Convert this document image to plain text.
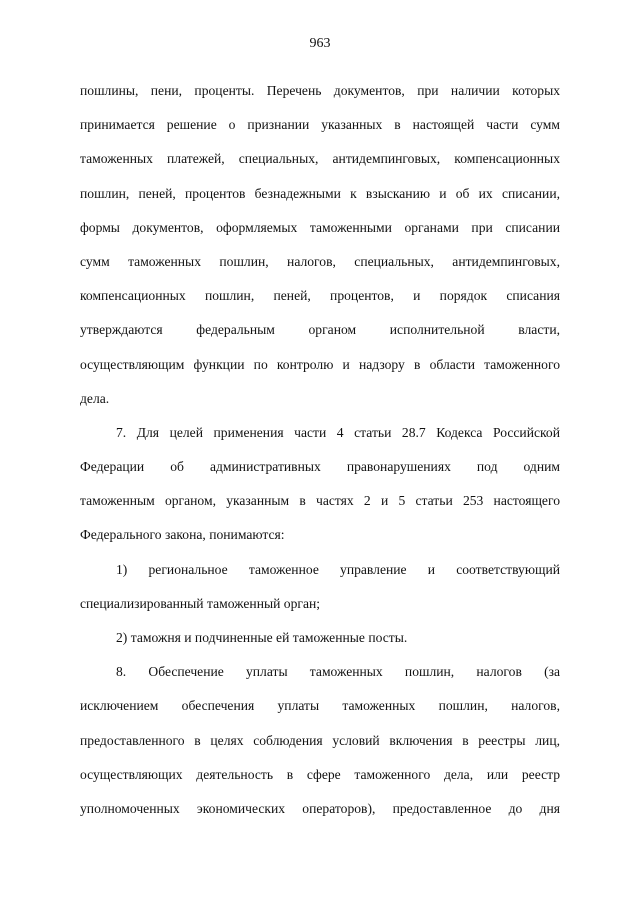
963
пошлины, пени, проценты. Перечень документов, при наличии которых
принимается решение о признании указанных в настоящей части сумм
таможенных платежей, специальных, антидемпинговых, компенсационных
пошлин, пеней, процентов безнадежными к взысканию и об их списании,
формы документов, оформляемых таможенными органами при списании
сумм таможенных пошлин, налогов, специальных, антидемпинговых,
компенсационных пошлин, пеней, процентов, и порядок списания
утверждаются федеральным органом исполнительной власти,
осуществляющим функции по контролю и надзору в области таможенного
дела.
7. Для целей применения части 4 статьи 28.7 Кодекса Российской
Федерации об административных правонарушениях под одним
таможенным органом, указанным в частях 2 и 5 статьи 253 настоящего
Федерального закона, понимаются:
1) региональное таможенное управление и соответствующий
специализированный таможенный орган;
2) таможня и подчиненные ей таможенные посты.
8. Обеспечение уплаты таможенных пошлин, налогов (за
исключением обеспечения уплаты таможенных пошлин, налогов,
предоставленного в целях соблюдения условий включения в реестры лиц,
осуществляющих деятельность в сфере таможенного дела, или реестр
уполномоченных экономических операторов), предоставленное до дня
